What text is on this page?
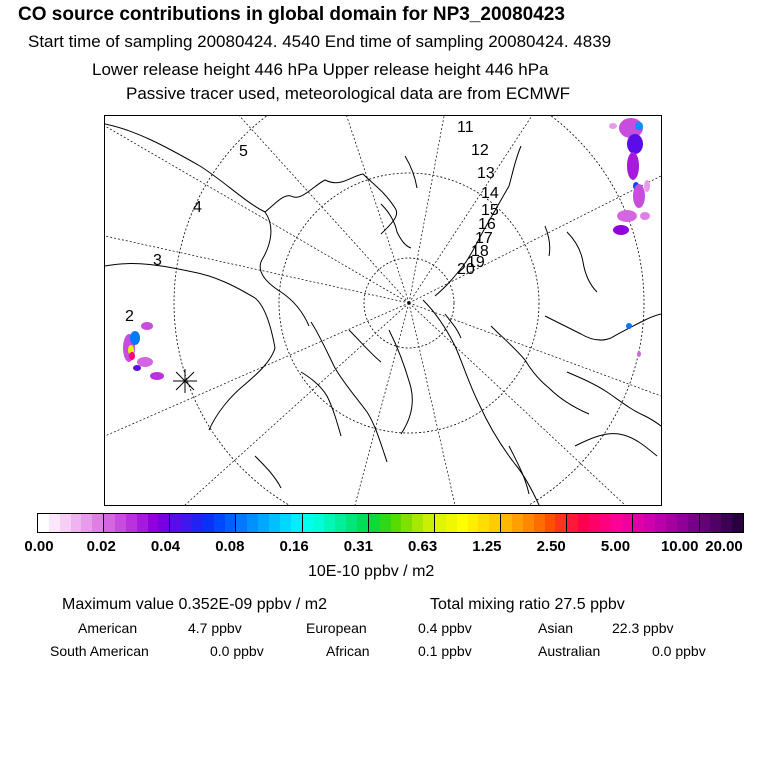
CO source contributions in global domain for NP3_20080423
Start time of sampling 20080424. 4540 End time of sampling 20080424. 4839
Lower release height 446 hPa Upper release height 446 hPa
Passive tracer used, meteorological data are from ECMWF
2
3
4
5
11
12
13
14
15
16
17
18
19
20
0.00 0.02 0.04 0.08 0.16 0.31 0.63 1.25 2.50 5.00 10.00 20.00
10E-10 ppbv / m2
Maximum value 0.352E-09 ppbv / m2	Total mixing ratio 27.5 ppbv
American	4.7 ppbv	European	0.4 ppbv	Asian	22.3 ppbv
South American	0.0 ppbv	African	0.1 ppbv	Australian	0.0 ppbv
